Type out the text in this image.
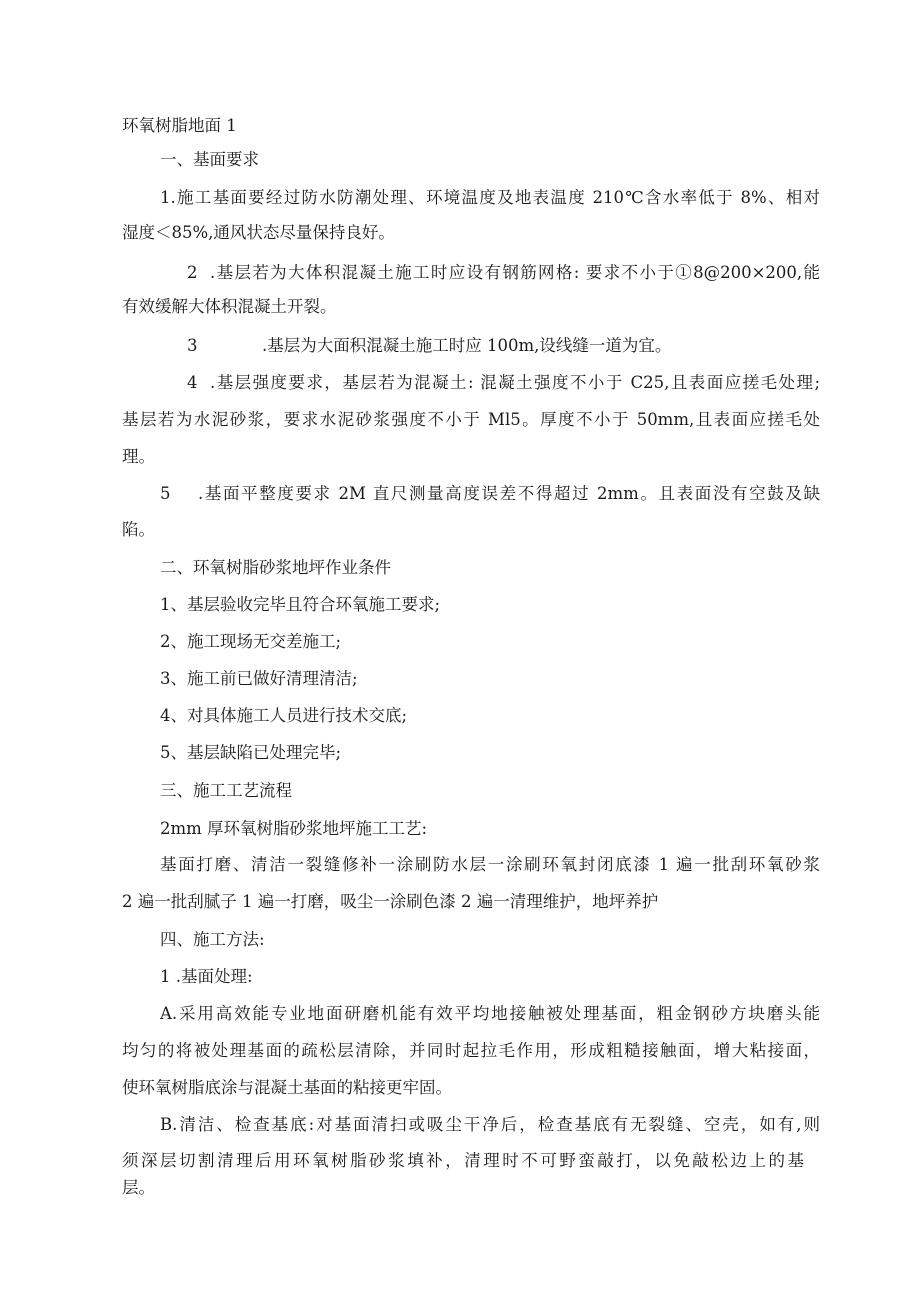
环氧树脂地面 1
一、基面要求
1.施工基面要经过防水防潮处理、环境温度及地表温度 210℃含水率低于 8%、相对
湿度＜85%,通风状态尽量保持良好。
2 .基层若为大体积混凝土施工时应设有钢筋网格: 要求不小于①8@200×200,能
有效缓解大体积混凝土开裂。
3	.基层为大面积混凝土施工时应 100m,设线缝一道为宜。
4 .基层强度要求，基层若为混凝土: 混凝土强度不小于 C25,且表面应搓毛处理;
基层若为水泥砂浆，要求水泥砂浆强度不小于 Ml5。厚度不小于 50mm,且表面应搓毛处
理。
5 .基面平整度要求 2M 直尺测量高度误差不得超过 2mm。且表面没有空鼓及缺
陷。
二、环氧树脂砂浆地坪作业条件
1、基层验收完毕且符合环氧施工要求;
2、施工现场无交差施工;
3、施工前已做好清理清洁;
4、对具体施工人员进行技术交底;
5、基层缺陷已处理完毕;
三、施工工艺流程
2mm 厚环氧树脂砂浆地坪施工工艺:
基面打磨、清洁一裂缝修补一涂刷防水层一涂刷环氧封闭底漆 1 遍一批刮环氧砂浆
2 遍一批刮腻子 1 遍一打磨，吸尘一涂刷色漆 2 遍一清理维护，地坪养护
四、施工方法:
1 .基面处理:
A.采用高效能专业地面研磨机能有效平均地接触被处理基面，粗金钢砂方块磨头能
均匀的将被处理基面的疏松层清除，并同时起拉毛作用，形成粗糙接触面，增大粘接面，
使环氧树脂底涂与混凝土基面的粘接更牢固。
B.清洁、检查基底:对基面清扫或吸尘干净后，检查基底有无裂缝、空壳，如有,则
须深层切割清理后用环氧树脂砂浆填补，清理时不可野蛮敲打，以免敲松边上的基
层。
